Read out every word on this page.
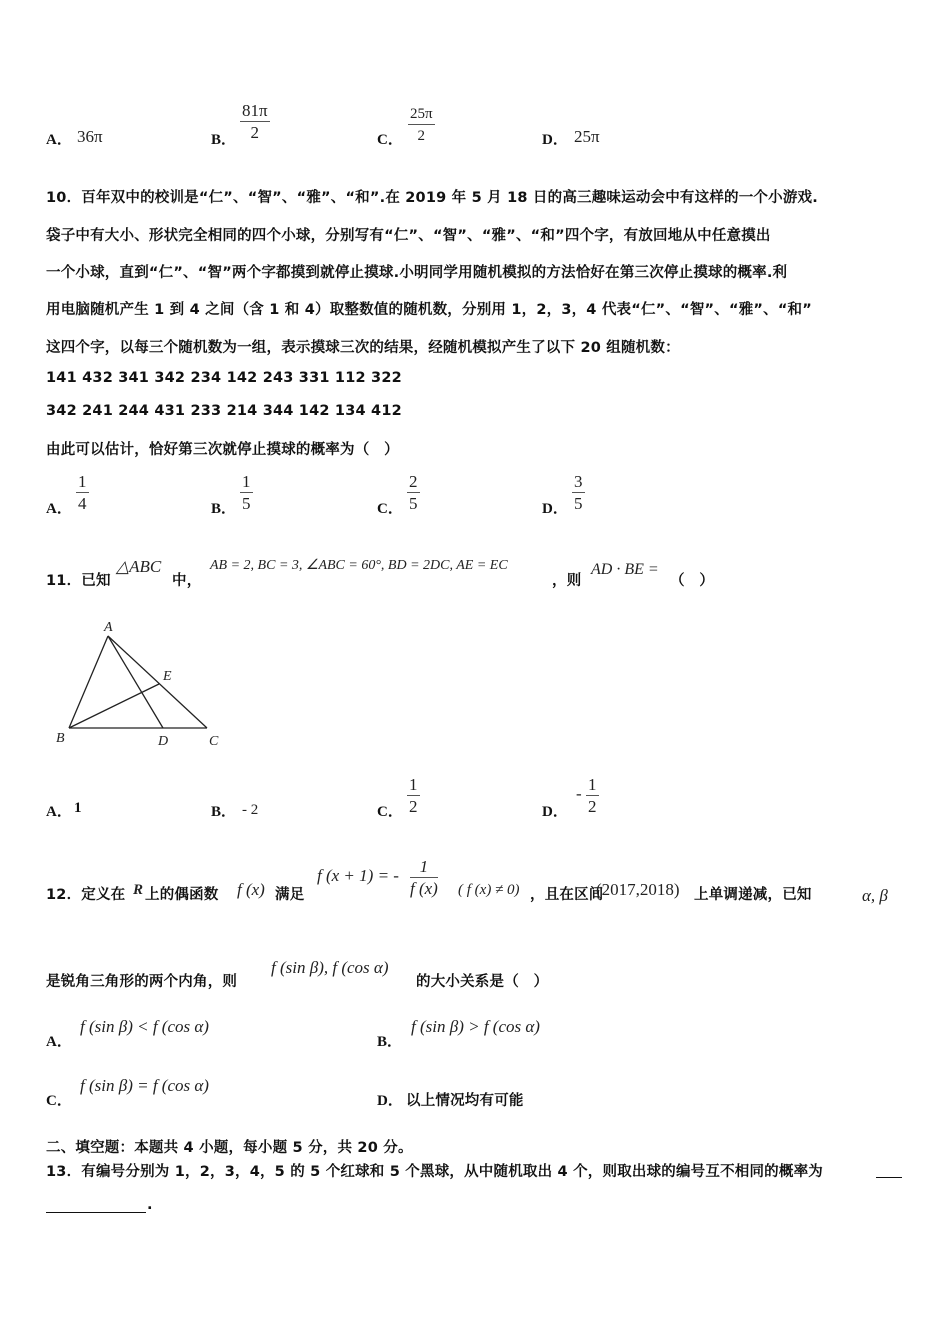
A． 36π	B．
81π
2	C．
25π
2	D． 25π
10．百年双中的校训是“仁”、“智”、“雅”、“和”.在 2019 年 5 月 18 日的高三趣味运动会中有这样的一个小游戏.
袋子中有大小、形状完全相同的四个小球，分别写有“仁”、“智”、“雅”、“和”四个字，有放回地从中任意摸出
一个小球，直到“仁”、“智”两个字都摸到就停止摸球.小明同学用随机模拟的方法恰好在第三次停止摸球的概率.利
用电脑随机产生 1 到 4 之间（含 1 和 4）取整数值的随机数，分别用 1，2，3，4 代表“仁”、“智”、“雅”、“和”
这四个字，以每三个随机数为一组，表示摸球三次的结果，经随机模拟产生了以下 20 组随机数：
141 432 341 342 234 142 243 331 112 322
342 241 244 431 233 214 344 142 134 412
由此可以估计，恰好第三次就停止摸球的概率为（　）
A．
1
4	B．
1
5	C．
2
5	D．
3
5
11．已知
△ABC
中，
AB = 2, BC = 3, ∠ABC = 60°, BD = 2DC, AE = EC
，则
AD · BE =
（　）
A
B	C
D
E
A． 1	B． - 2	C．
1
2	D．
- 1
2
12．定义在 R 上的偶函数 f (x) 满足
f (x + 1) = -	1
f (x) ( f (x) ≠ 0) ，且在区间
(2017,2018) 上单调递减，已知	α, β
是锐角三角形的两个内角，则
f (sin β), f (cos α)
的大小关系是（　）
A．
f (sin β) < f (cos α)
B．
f (sin β) > f (cos α)
C．
f (sin β) = f (cos α)
D． 以上情况均有可能
二、填空题：本题共 4 小题，每小题 5 分，共 20 分。
13．有编号分别为 1，2，3，4，5 的 5 个红球和 5 个黑球，从中随机取出 4 个，则取出球的编号互不相同的概率为
.
